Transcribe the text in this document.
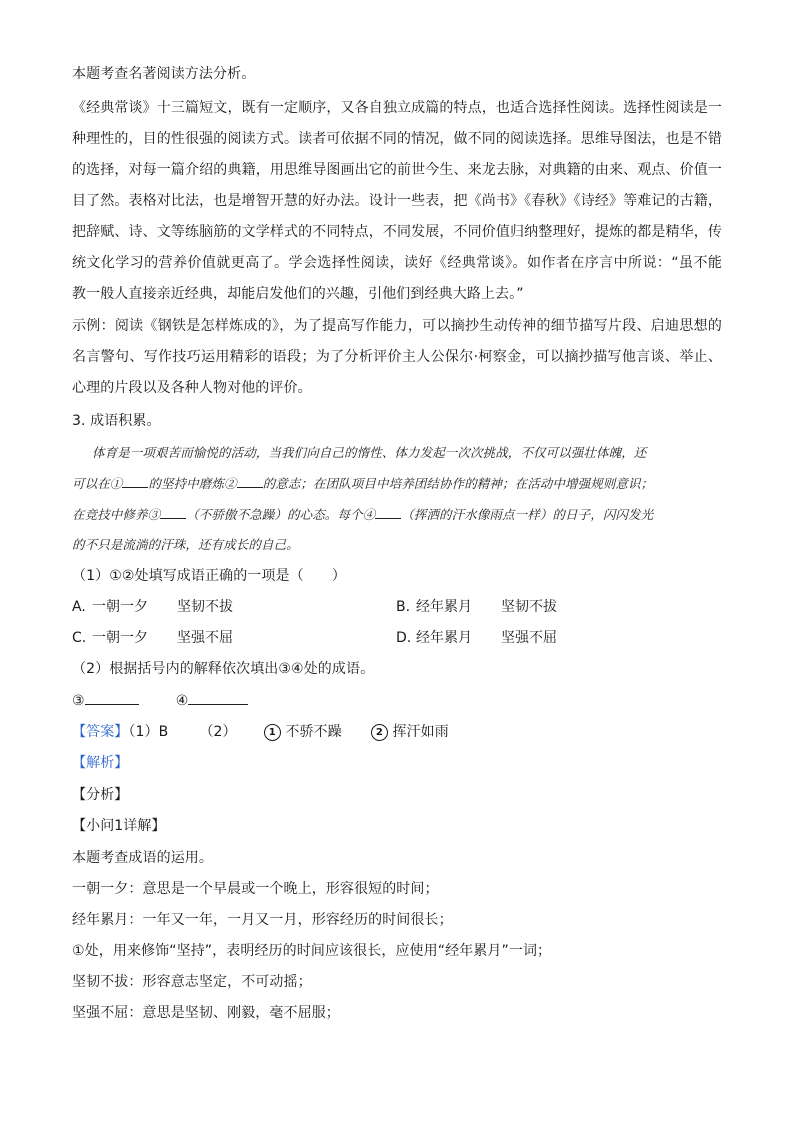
本题考查名著阅读方法分析。
《经典常谈》十三篇短文，既有一定顺序，又各自独立成篇的特点，也适合选择性阅读。选择性阅读是一
种理性的，目的性很强的阅读方式。读者可依据不同的情况，做不同的阅读选择。思维导图法，也是不错
的选择，对每一篇介绍的典籍，用思维导图画出它的前世今生、来龙去脉，对典籍的由来、观点、价值一
目了然。表格对比法，也是增智开慧的好办法。设计一些表，把《尚书》《春秋》《诗经》等难记的古籍，
把辞赋、诗、文等练脑筋的文学样式的不同特点，不同发展，不同价值归纳整理好，提炼的都是精华，传
统文化学习的营养价值就更高了。学会选择性阅读，读好《经典常谈》。如作者在序言中所说：“虽不能
教一般人直接亲近经典，却能启发他们的兴趣，引他们到经典大路上去。”
示例：阅读《钢铁是怎样炼成的》，为了提高写作能力，可以摘抄生动传神的细节描写片段、启迪思想的
名言警句、写作技巧运用精彩的语段；为了分析评价主人公保尔·柯察金，可以摘抄描写他言谈、举止、
心理的片段以及各种人物对他的评价。
3. 成语积累。
体育是一项艰苦而愉悦的活动，当我们向自己的惰性、体力发起一次次挑战，不仅可以强壮体魄，还
可以在① 的坚持中磨炼② 的意志；在团队项目中培养团结协作的精神；在活动中增强规则意识；
在竞技中修养③ （不骄傲不急躁）的心态。每个④ （挥洒的汗水像雨点一样）的日子，闪闪发光
的不只是流淌的汗珠，还有成长的自己。
（1）①②处填写成语正确的一项是（　　）
A. 一朝一夕 坚韧不拔	B. 经年累月 坚韧不拔
C. 一朝一夕 坚强不屈	D. 经年累月 坚强不屈
（2）根据括号内的解释依次填出③④处的成语。
③	④
【答案】（1）B （2）	1 不骄不躁	2 挥汗如雨
【解析】
【分析】
【小问1详解】
本题考查成语的运用。
一朝一夕：意思是一个早晨或一个晚上，形容很短的时间；
经年累月：一年又一年，一月又一月，形容经历的时间很长；
①处，用来修饰“坚持”，表明经历的时间应该很长，应使用“经年累月”一词；
坚韧不拔：形容意志坚定，不可动摇；
坚强不屈：意思是坚韧、刚毅，毫不屈服；
